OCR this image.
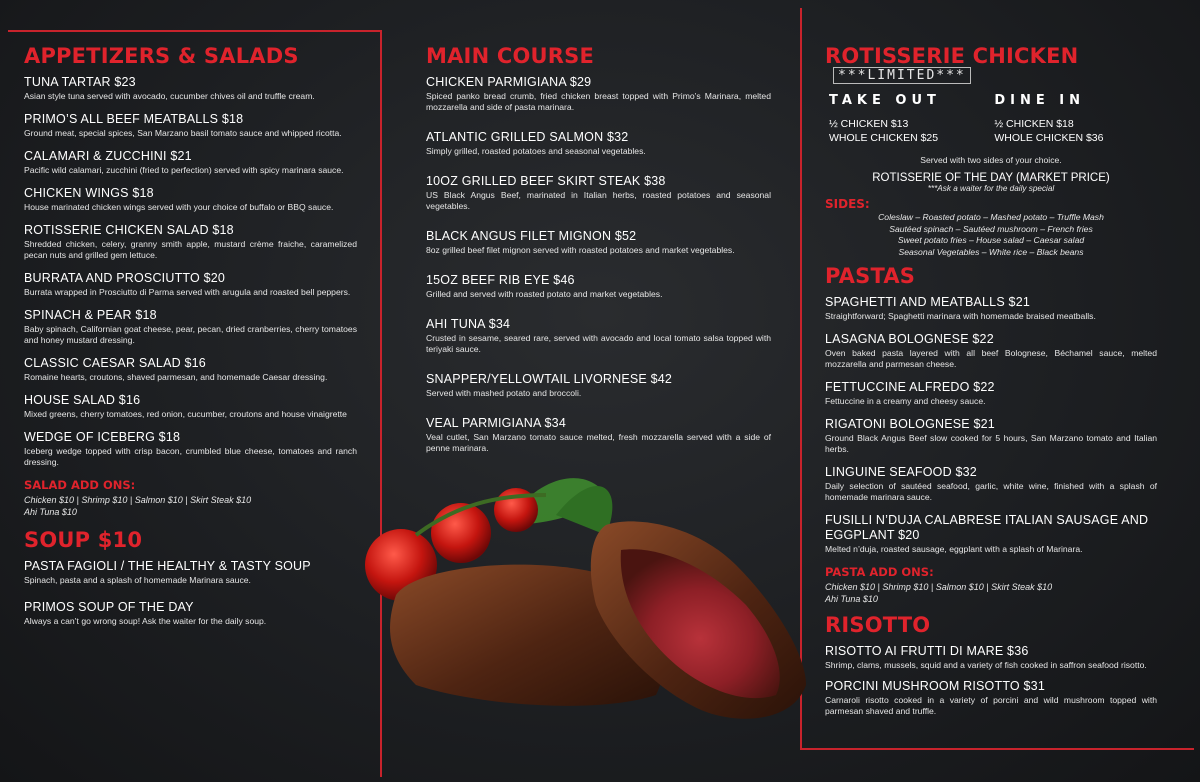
APPETIZERS & SALADS
TUNA TARTAR $23
Asian style tuna served with avocado, cucumber chives oil and truffle cream.
PRIMO’S ALL BEEF MEATBALLS $18
Ground meat, special spices, San Marzano basil tomato sauce and whipped ricotta.
CALAMARI & ZUCCHINI $21
Pacific wild calamari, zucchini (fried to perfection) served with spicy marinara sauce.
CHICKEN WINGS $18
House marinated chicken wings served with your choice of buffalo or BBQ sauce.
ROTISSERIE CHICKEN SALAD $18
Shredded chicken, celery, granny smith apple, mustard crème fraiche, caramelized pecan nuts and grilled gem lettuce.
BURRATA AND PROSCIUTTO $20
Burrata wrapped in Prosciutto di Parma served with arugula and roasted bell peppers.
SPINACH & PEAR $18
Baby spinach, Californian goat cheese, pear, pecan, dried cranberries, cherry tomatoes and honey mustard dressing.
CLASSIC CAESAR SALAD $16
Romaine hearts, croutons, shaved parmesan, and homemade Caesar dressing.
HOUSE SALAD $16
Mixed greens, cherry tomatoes, red onion, cucumber, croutons and house vinaigrette
WEDGE OF ICEBERG $18
Iceberg wedge topped with crisp bacon, crumbled blue cheese, tomatoes and ranch dressing.
SALAD ADD ONS:
Chicken $10 | Shrimp $10 | Salmon $10 | Skirt Steak $10
Ahi Tuna $10
SOUP $10
PASTA FAGIOLI / THE HEALTHY & TASTY SOUP
Spinach, pasta and a splash of homemade Marinara sauce.
PRIMOS SOUP OF THE DAY
Always a can’t go wrong soup! Ask the waiter for the daily soup.
MAIN COURSE
CHICKEN PARMIGIANA $29
Spiced panko bread crumb, fried chicken breast topped with Primo’s Marinara, melted mozzarella and side of pasta marinara.
ATLANTIC GRILLED SALMON $32
Simply grilled, roasted potatoes and seasonal vegetables.
10OZ GRILLED BEEF SKIRT STEAK $38
US Black Angus Beef, marinated in Italian herbs, roasted potatoes and seasonal vegetables.
BLACK ANGUS FILET MIGNON $52
8oz grilled beef filet mignon served with roasted potatoes and market vegetables.
15OZ BEEF RIB EYE $46
Grilled and served with roasted potato and market vegetables.
AHI TUNA $34
Crusted in sesame, seared rare, served with avocado and local tomato salsa topped with teriyaki sauce.
SNAPPER/YELLOWTAIL LIVORNESE $42
Served with mashed potato and broccoli.
VEAL PARMIGIANA $34
Veal cutlet, San Marzano tomato sauce melted, fresh mozzarella served with a side of penne marinara.
ROTISSERIE CHICKEN
***LIMITED***
TAKE OUT
½ CHICKEN $13
WHOLE CHICKEN $25
DINE IN
½ CHICKEN $18
WHOLE CHICKEN $36
Served with two sides of your choice.
ROTISSERIE OF THE DAY (MARKET PRICE)
***Ask a waiter for the daily special
SIDES:
Coleslaw – Roasted potato – Mashed potato – Truffle Mash
Sautéed spinach – Sautéed mushroom – French fries
Sweet potato fries – House salad – Caesar salad
Seasonal Vegetables – White rice – Black beans
PASTAS
SPAGHETTI AND MEATBALLS $21
Straightforward; Spaghetti marinara with homemade braised meatballs.
LASAGNA BOLOGNESE $22
Oven baked pasta layered with all beef Bolognese, Béchamel sauce, melted mozzarella and parmesan cheese.
FETTUCCINE ALFREDO $22
Fettuccine in a creamy and cheesy sauce.
RIGATONI BOLOGNESE $21
Ground Black Angus Beef slow cooked for 5 hours, San Marzano tomato and Italian herbs.
LINGUINE SEAFOOD $32
Daily selection of sautéed seafood, garlic, white wine, finished with a splash of homemade marinara sauce.
FUSILLI N’DUJA CALABRESE ITALIAN SAUSAGE AND EGGPLANT $20
Melted n’duja, roasted sausage, eggplant with a splash of Marinara.
PASTA ADD ONS:
Chicken $10 | Shrimp $10 | Salmon $10 | Skirt Steak $10
Ahi Tuna $10
RISOTTO
RISOTTO AI FRUTTI DI MARE $36
Shrimp, clams, mussels, squid and a variety of fish cooked in saffron seafood risotto.
PORCINI MUSHROOM RISOTTO $31
Carnaroli risotto cooked in a variety of porcini and wild mushroom topped with parmesan shaved and truffle.
